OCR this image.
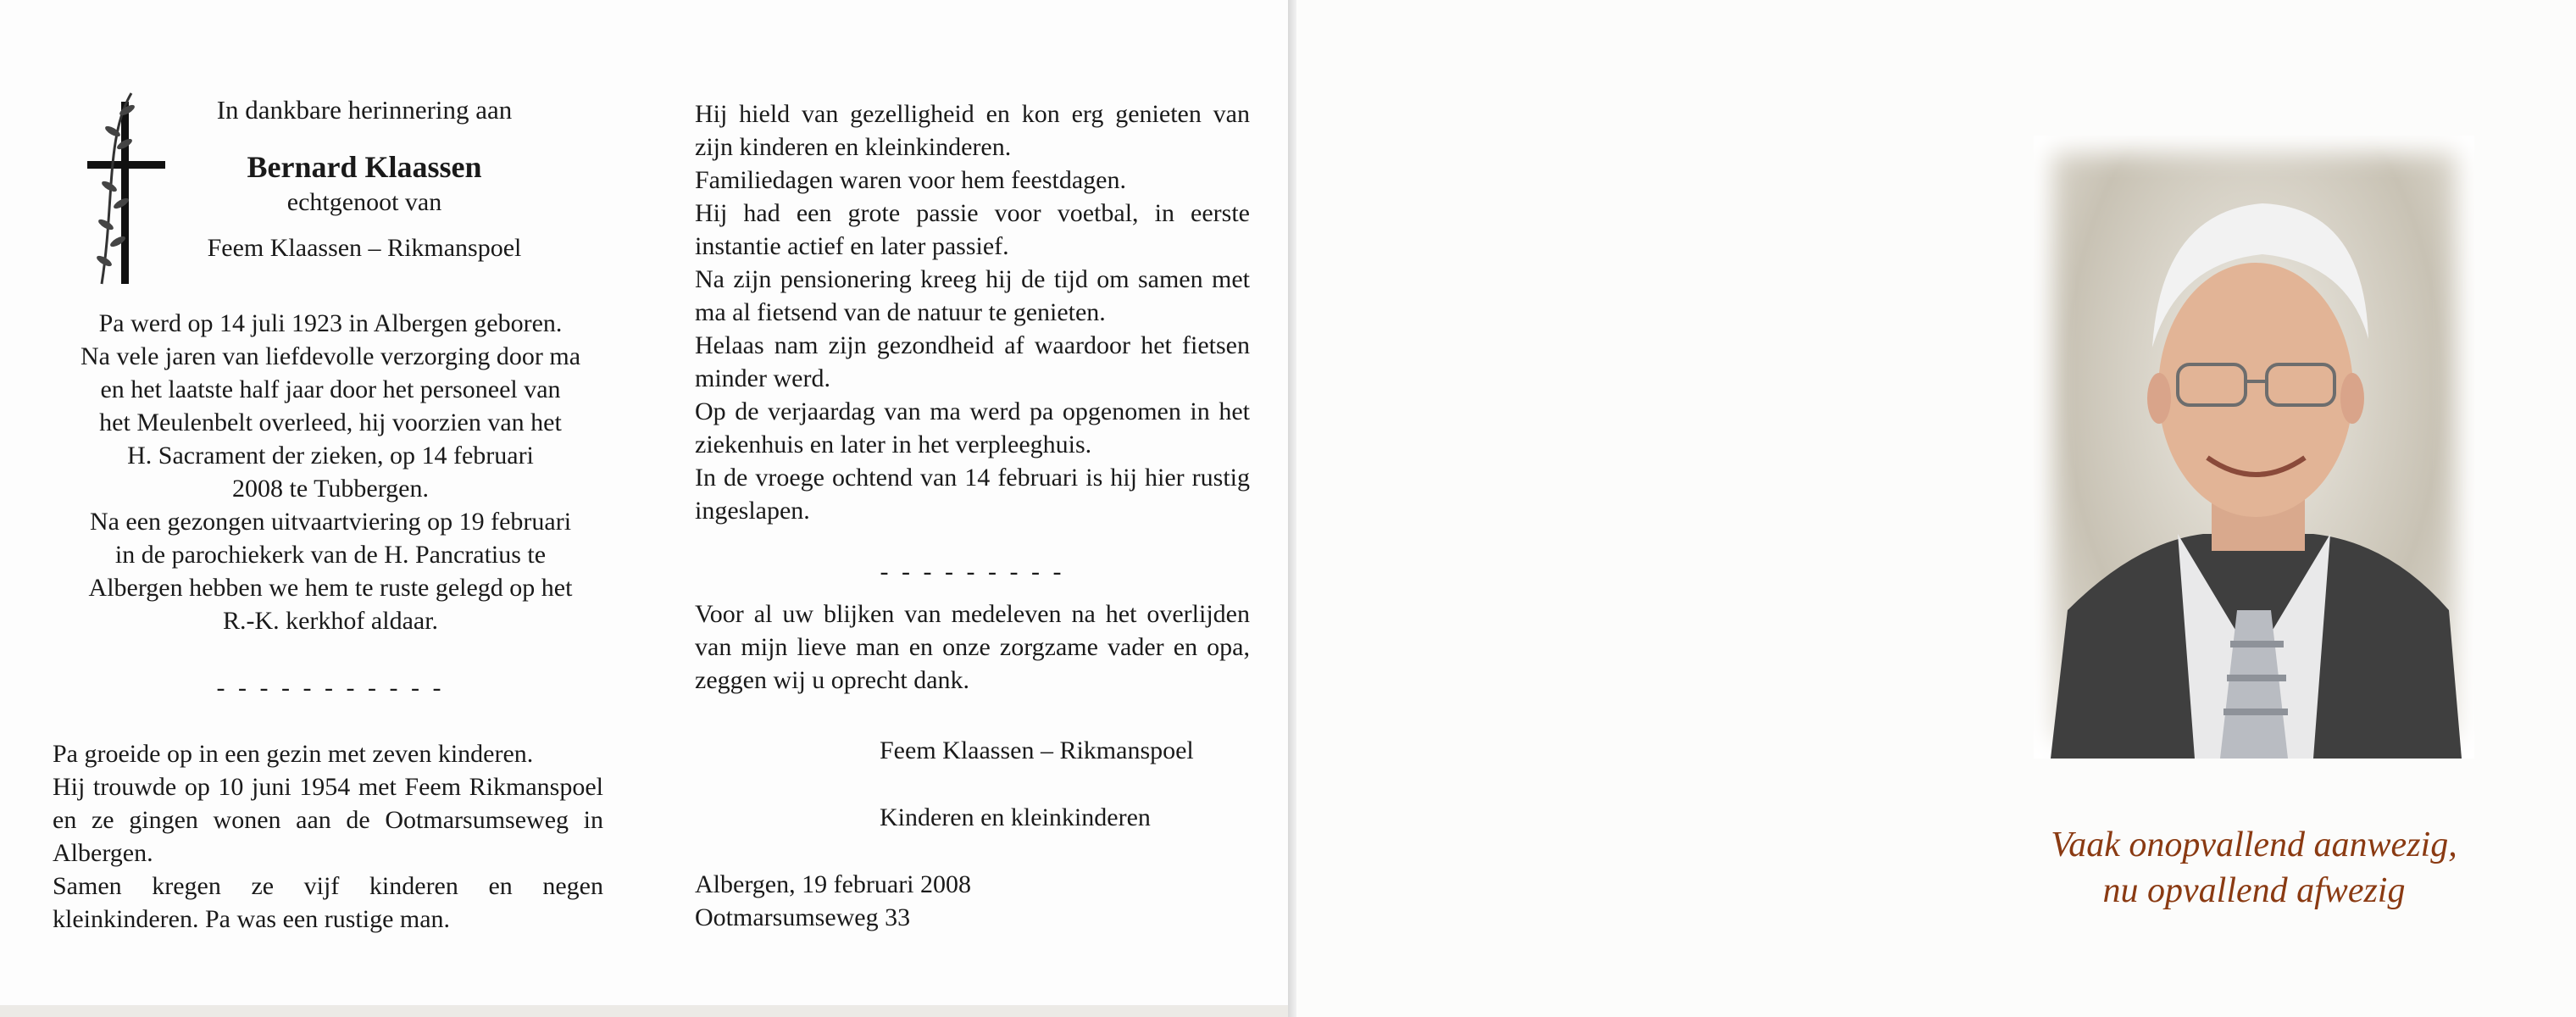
In dankbare herinnering aan

Bernard Klaassen

echtgenoot van

Feem Klaassen – Rikmanspoel

Pa werd op 14 juli 1923 in Albergen geboren.

Na vele jaren van liefdevolle verzorging door ma

en het laatste half jaar door het personeel van

het Meulenbelt overleed, hij voorzien van het

H. Sacrament der zieken, op 14 februari

2008 te Tubbergen.

Na een gezongen uitvaartviering op 19 februari

in de parochiekerk van de H. Pancratius te

Albergen hebben we hem te ruste gelegd op het

R.-K. kerkhof aldaar.

- - - - - - - - - - -

Pa groeide op in een gezin met zeven kinderen.

Hij trouwde op 10 juni 1954 met Feem Rikmanspoel en ze gingen wonen aan de Ootmarsumseweg in Albergen.

Samen kregen ze vijf kinderen en negen kleinkinderen. Pa was een rustige man.

Hij hield van gezelligheid en kon erg genieten van zijn kinderen en kleinkinderen.

Familiedagen waren voor hem feestdagen.

Hij had een grote passie voor voetbal, in eerste instantie actief en later passief.

Na zijn pensionering kreeg hij de tijd om samen met ma al fietsend van de natuur te genieten.

Helaas nam zijn gezondheid af waardoor het fietsen minder werd.

Op de verjaardag van ma werd pa opgenomen in het ziekenhuis en later in het verpleeghuis.

In de vroege ochtend van 14 februari is hij hier rustig ingeslapen.

- - - - - - - - -

Voor al uw blijken van medeleven na het overlijden van mijn lieve man en onze zorgzame vader en opa, zeggen wij u oprecht dank.

Feem Klaassen – Rikmanspoel
Kinderen en kleinkinderen

Albergen, 19 februari 2008

Ootmarsumseweg 33

Vaak onopvallend aanwezig,

nu opvallend afwezig
